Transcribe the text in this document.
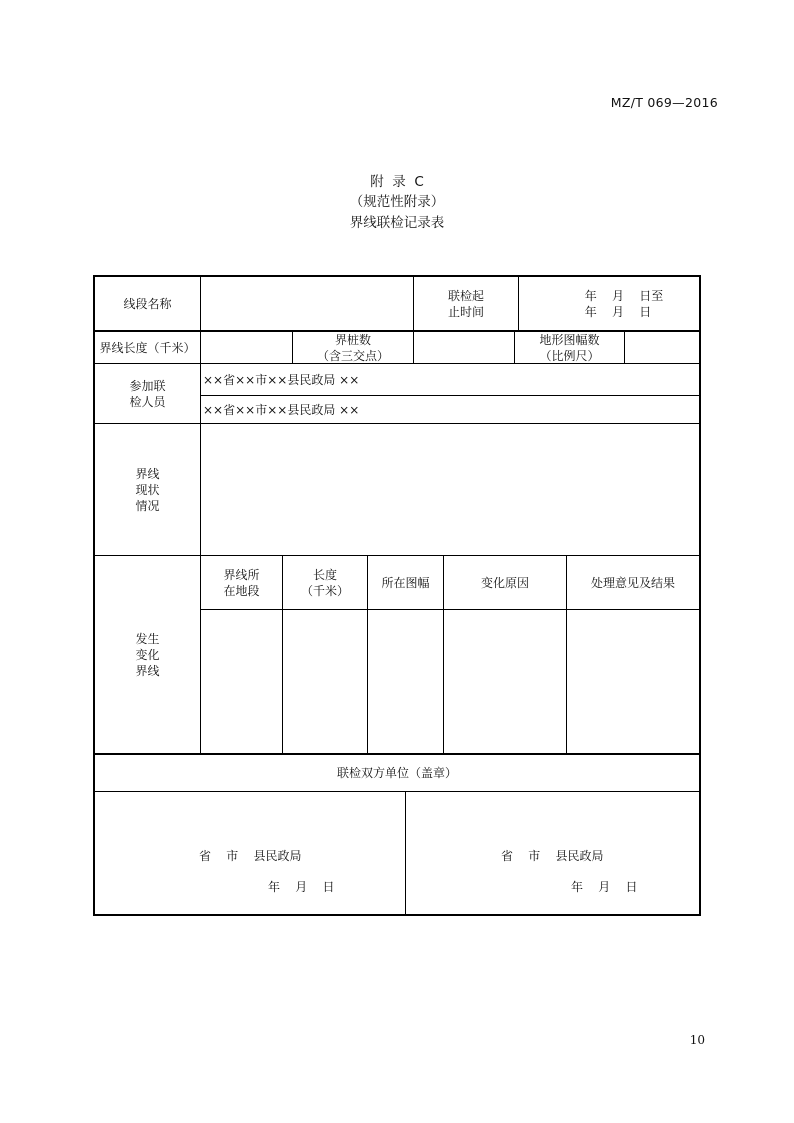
MZ/T 069—2016
附  录  C
（规范性附录）
界线联检记录表
线段名称
联检起
止时间
年    月    日至
年    月    日
界线长度（千米）
界桩数
（含三交点）
地形图幅数
（比例尺）
参加联
检人员
××省××市××县民政局 ××
××省××市××县民政局 ××
界线
现状
情况
发生
变化
界线
界线所
在地段
长度
（千米）
所在图幅	变化原因	处理意见及结果
联检双方单位（盖章）
省    市    县民政局
年    月    日
省    市    县民政局
年    月    日
10
